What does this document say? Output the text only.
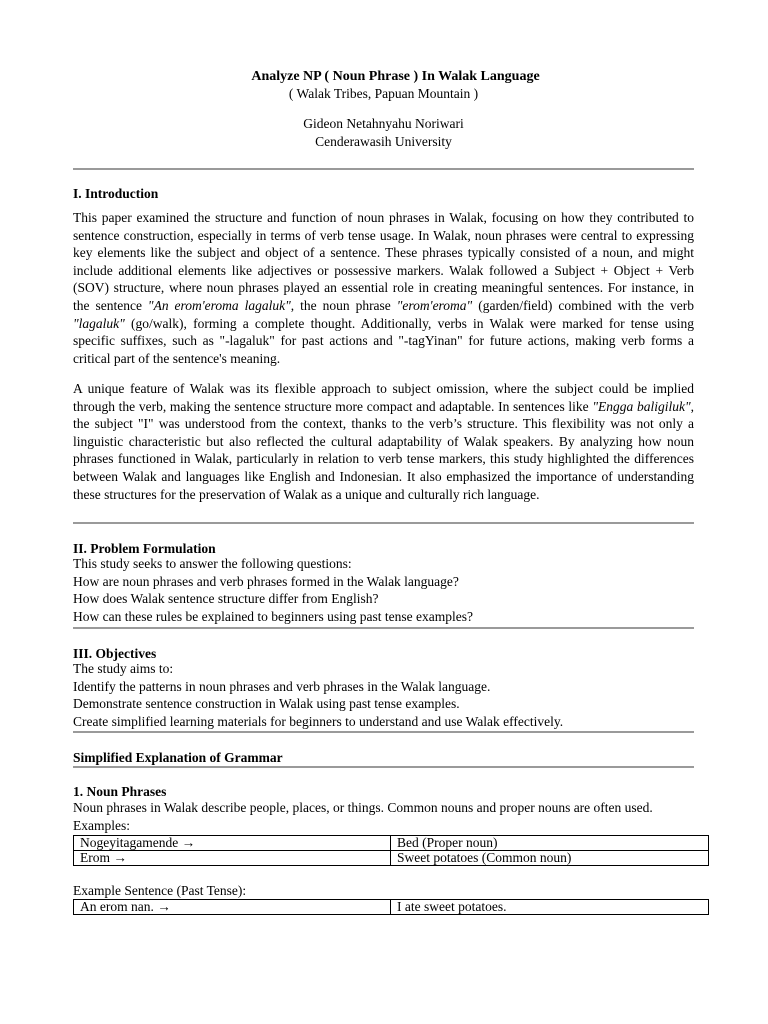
Analyze NP ( Noun Phrase ) In Walak Language
( Walak Tribes, Papuan Mountain )
Gideon Netahnyahu Noriwari
Cenderawasih University
I. Introduction
This paper examined the structure and function of noun phrases in Walak, focusing on how they contributed to sentence construction, especially in terms of verb tense usage. In Walak, noun phrases were central to expressing key elements like the subject and object of a sentence. These phrases typically consisted of a noun, and might include additional elements like adjectives or possessive markers. Walak followed a Subject + Object + Verb (SOV) structure, where noun phrases played an essential role in creating meaningful sentences. For instance, in the sentence "An erom'eroma lagaluk", the noun phrase "erom'eroma" (garden/field) combined with the verb "lagaluk" (go/walk), forming a complete thought. Additionally, verbs in Walak were marked for tense using specific suffixes, such as "-lagaluk" for past actions and "-tagYinan" for future actions, making verb forms a critical part of the sentence's meaning.
A unique feature of Walak was its flexible approach to subject omission, where the subject could be implied through the verb, making the sentence structure more compact and adaptable. In sentences like "Engga baligiluk", the subject "I" was understood from the context, thanks to the verb’s structure. This flexibility was not only a linguistic characteristic but also reflected the cultural adaptability of Walak speakers. By analyzing how noun phrases functioned in Walak, particularly in relation to verb tense markers, this study highlighted the differences between Walak and languages like English and Indonesian. It also emphasized the importance of understanding these structures for the preservation of Walak as a unique and culturally rich language.
II. Problem Formulation
This study seeks to answer the following questions:
How are noun phrases and verb phrases formed in the Walak language?
How does Walak sentence structure differ from English?
How can these rules be explained to beginners using past tense examples?
III. Objectives
The study aims to:
Identify the patterns in noun phrases and verb phrases in the Walak language.
Demonstrate sentence construction in Walak using past tense examples.
Create simplified learning materials for beginners to understand and use Walak effectively.
Simplified Explanation of Grammar
1. Noun Phrases
Noun phrases in Walak describe people, places, or things. Common nouns and proper nouns are often used.
Examples:
Nogeyitagamende →	Bed (Proper noun)
Erom →	Sweet potatoes (Common noun)
Example Sentence (Past Tense):
An erom nan. →	I ate sweet potatoes.
